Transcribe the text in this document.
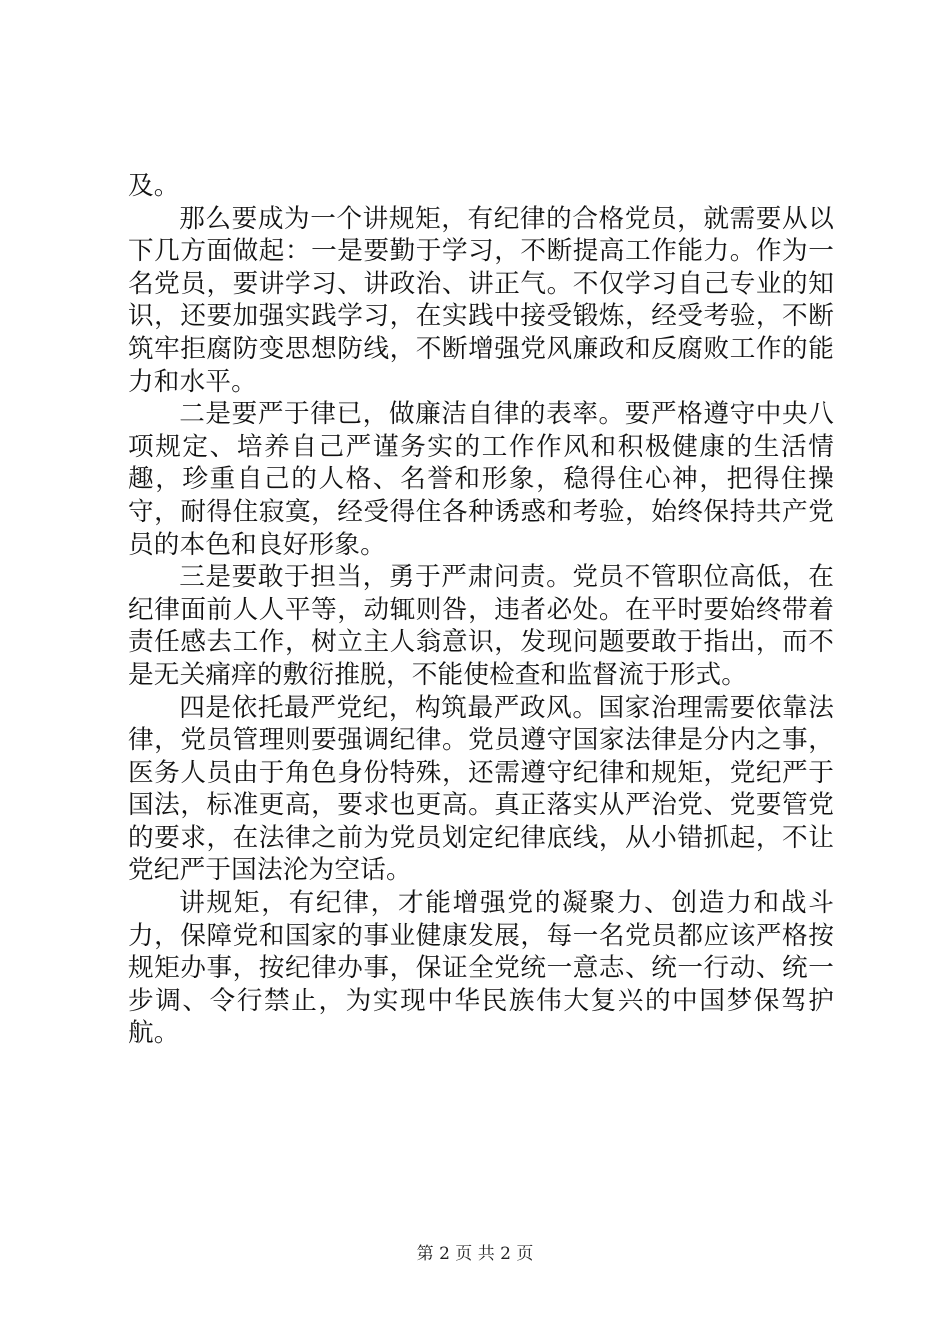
及。

那么要成为一个讲规矩，有纪律的合格党员，就需要从以下几方面做起：一是要勤于学习，不断提高工作能力。作为一名党员，要讲学习、讲政治、讲正气。不仅学习自己专业的知识，还要加强实践学习，在实践中接受锻炼，经受考验，不断筑牢拒腐防变思想防线，不断增强党风廉政和反腐败工作的能力和水平。

二是要严于律已，做廉洁自律的表率。要严格遵守中央八项规定、培养自己严谨务实的工作作风和积极健康的生活情趣，珍重自己的人格、名誉和形象，稳得住心神，把得住操守，耐得住寂寞，经受得住各种诱惑和考验，始终保持共产党员的本色和良好形象。

三是要敢于担当，勇于严肃问责。党员不管职位高低，在纪律面前人人平等，动辄则咎，违者必处。在平时要始终带着责任感去工作，树立主人翁意识，发现问题要敢于指出，而不是无关痛痒的敷衍推脱，不能使检查和监督流于形式。

四是依托最严党纪，构筑最严政风。国家治理需要依靠法律，党员管理则要强调纪律。党员遵守国家法律是分内之事，医务人员由于角色身份特殊，还需遵守纪律和规矩，党纪严于国法，标准更高，要求也更高。真正落实从严治党、党要管党的要求，在法律之前为党员划定纪律底线，从小错抓起，不让党纪严于国法沦为空话。

讲规矩，有纪律，才能增强党的凝聚力、创造力和战斗力，保障党和国家的事业健康发展，每一名党员都应该严格按规矩办事，按纪律办事，保证全党统一意志、统一行动、统一步调、令行禁止，为实现中华民族伟大复兴的中国梦保驾护航。

第 2 页 共 2 页
